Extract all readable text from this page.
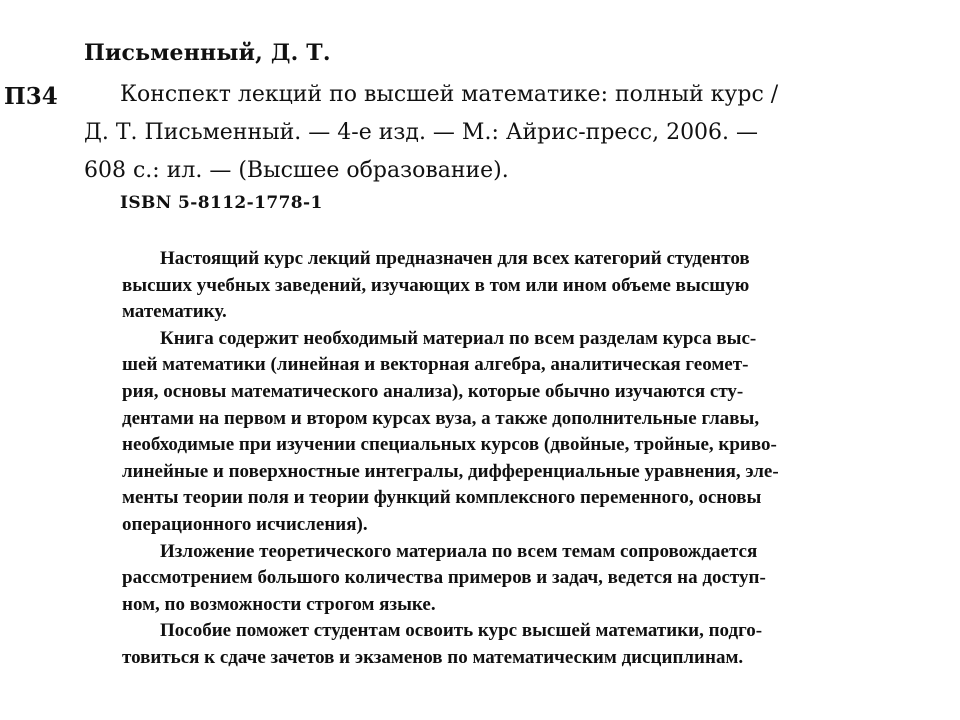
Письменный, Д. Т.
П34	Конспект лекций по высшей математике: полный курс /
Д. Т. Письменный. — 4-е изд. — М.: Айрис-пресс, 2006. —
608 с.: ил. — (Высшее образование).
ISBN 5-8112-1778-1
Настоящий курс лекций предназначен для всех категорий студентов
высших учебных заведений, изучающих в том или ином объеме высшую
математику.
Книга содержит необходимый материал по всем разделам курса выс-
шей математики (линейная и векторная алгебра, аналитическая геомет-
рия, основы математического анализа), которые обычно изучаются сту-
дентами на первом и втором курсах вуза, а также дополнительные главы,
необходимые при изучении специальных курсов (двойные, тройные, криво-
линейные и поверхностные интегралы, дифференциальные уравнения, эле-
менты теории поля и теории функций комплексного переменного, основы
операционного исчисления).
Изложение теоретического материала по всем темам сопровождается
рассмотрением большого количества примеров и задач, ведется на доступ-
ном, по возможности строгом языке.
Пособие поможет студентам освоить курс высшей математики, подго-
товиться к сдаче зачетов и экзаменов по математическим дисциплинам.
